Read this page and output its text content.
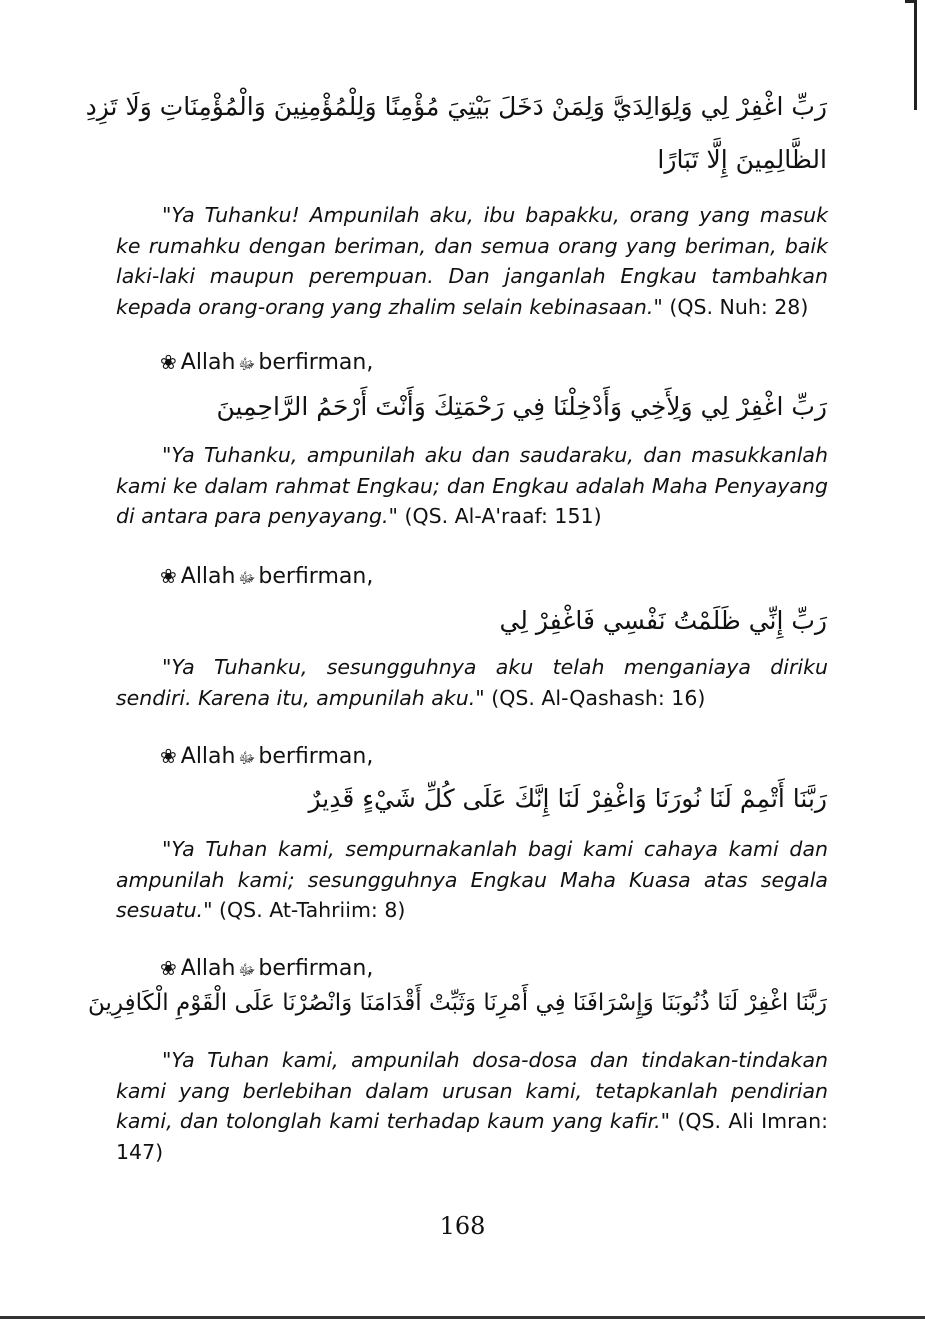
رَبِّ اغْفِرْ لِي وَلِوَالِدَيَّ وَلِمَنْ دَخَلَ بَيْتِيَ مُؤْمِنًا وَلِلْمُؤْمِنِينَ وَالْمُؤْمِنَاتِ وَلَا تَزِدِ
الظَّالِمِينَ إِلَّا تَبَارًا
"Ya Tuhanku! Ampunilah aku, ibu bapakku, orang yang masuk ke rumahku dengan beriman, dan semua orang yang beriman, baik laki-laki maupun perempuan. Dan janganlah Engkau tambahkan kepada orang-orang yang zhalim selain kebinasaan." (QS. Nuh: 28)
❀ Allah ﷻ berfirman,
رَبِّ اغْفِرْ لِي وَلِأَخِي وَأَدْخِلْنَا فِي رَحْمَتِكَ وَأَنْتَ أَرْحَمُ الرَّاحِمِينَ
"Ya Tuhanku, ampunilah aku dan saudaraku, dan masukkanlah kami ke dalam rahmat Engkau; dan Engkau adalah Maha Penyayang di antara para penyayang." (QS. Al-A'raaf: 151)
❀ Allah ﷻ berfirman,
رَبِّ إِنِّي ظَلَمْتُ نَفْسِي فَاغْفِرْ لِي
"Ya Tuhanku, sesungguhnya aku telah menganiaya diriku sendiri. Karena itu, ampunilah aku." (QS. Al-Qashash: 16)
❀ Allah ﷻ berfirman,
رَبَّنَا أَتْمِمْ لَنَا نُورَنَا وَاغْفِرْ لَنَا إِنَّكَ عَلَى كُلِّ شَيْءٍ قَدِيرٌ
"Ya Tuhan kami, sempurnakanlah bagi kami cahaya kami dan ampunilah kami; sesungguhnya Engkau Maha Kuasa atas segala sesuatu." (QS. At-Tahriim: 8)
❀ Allah ﷻ berfirman,
رَبَّنَا اغْفِرْ لَنَا ذُنُوبَنَا وَإِسْرَافَنَا فِي أَمْرِنَا وَثَبِّتْ أَقْدَامَنَا وَانْصُرْنَا عَلَى الْقَوْمِ الْكَافِرِينَ
"Ya Tuhan kami, ampunilah dosa-dosa dan tindakan-tindakan kami yang berlebihan dalam urusan kami, tetapkanlah pendirian kami, dan tolonglah kami terhadap kaum yang kafir." (QS. Ali Imran: 147)
168
